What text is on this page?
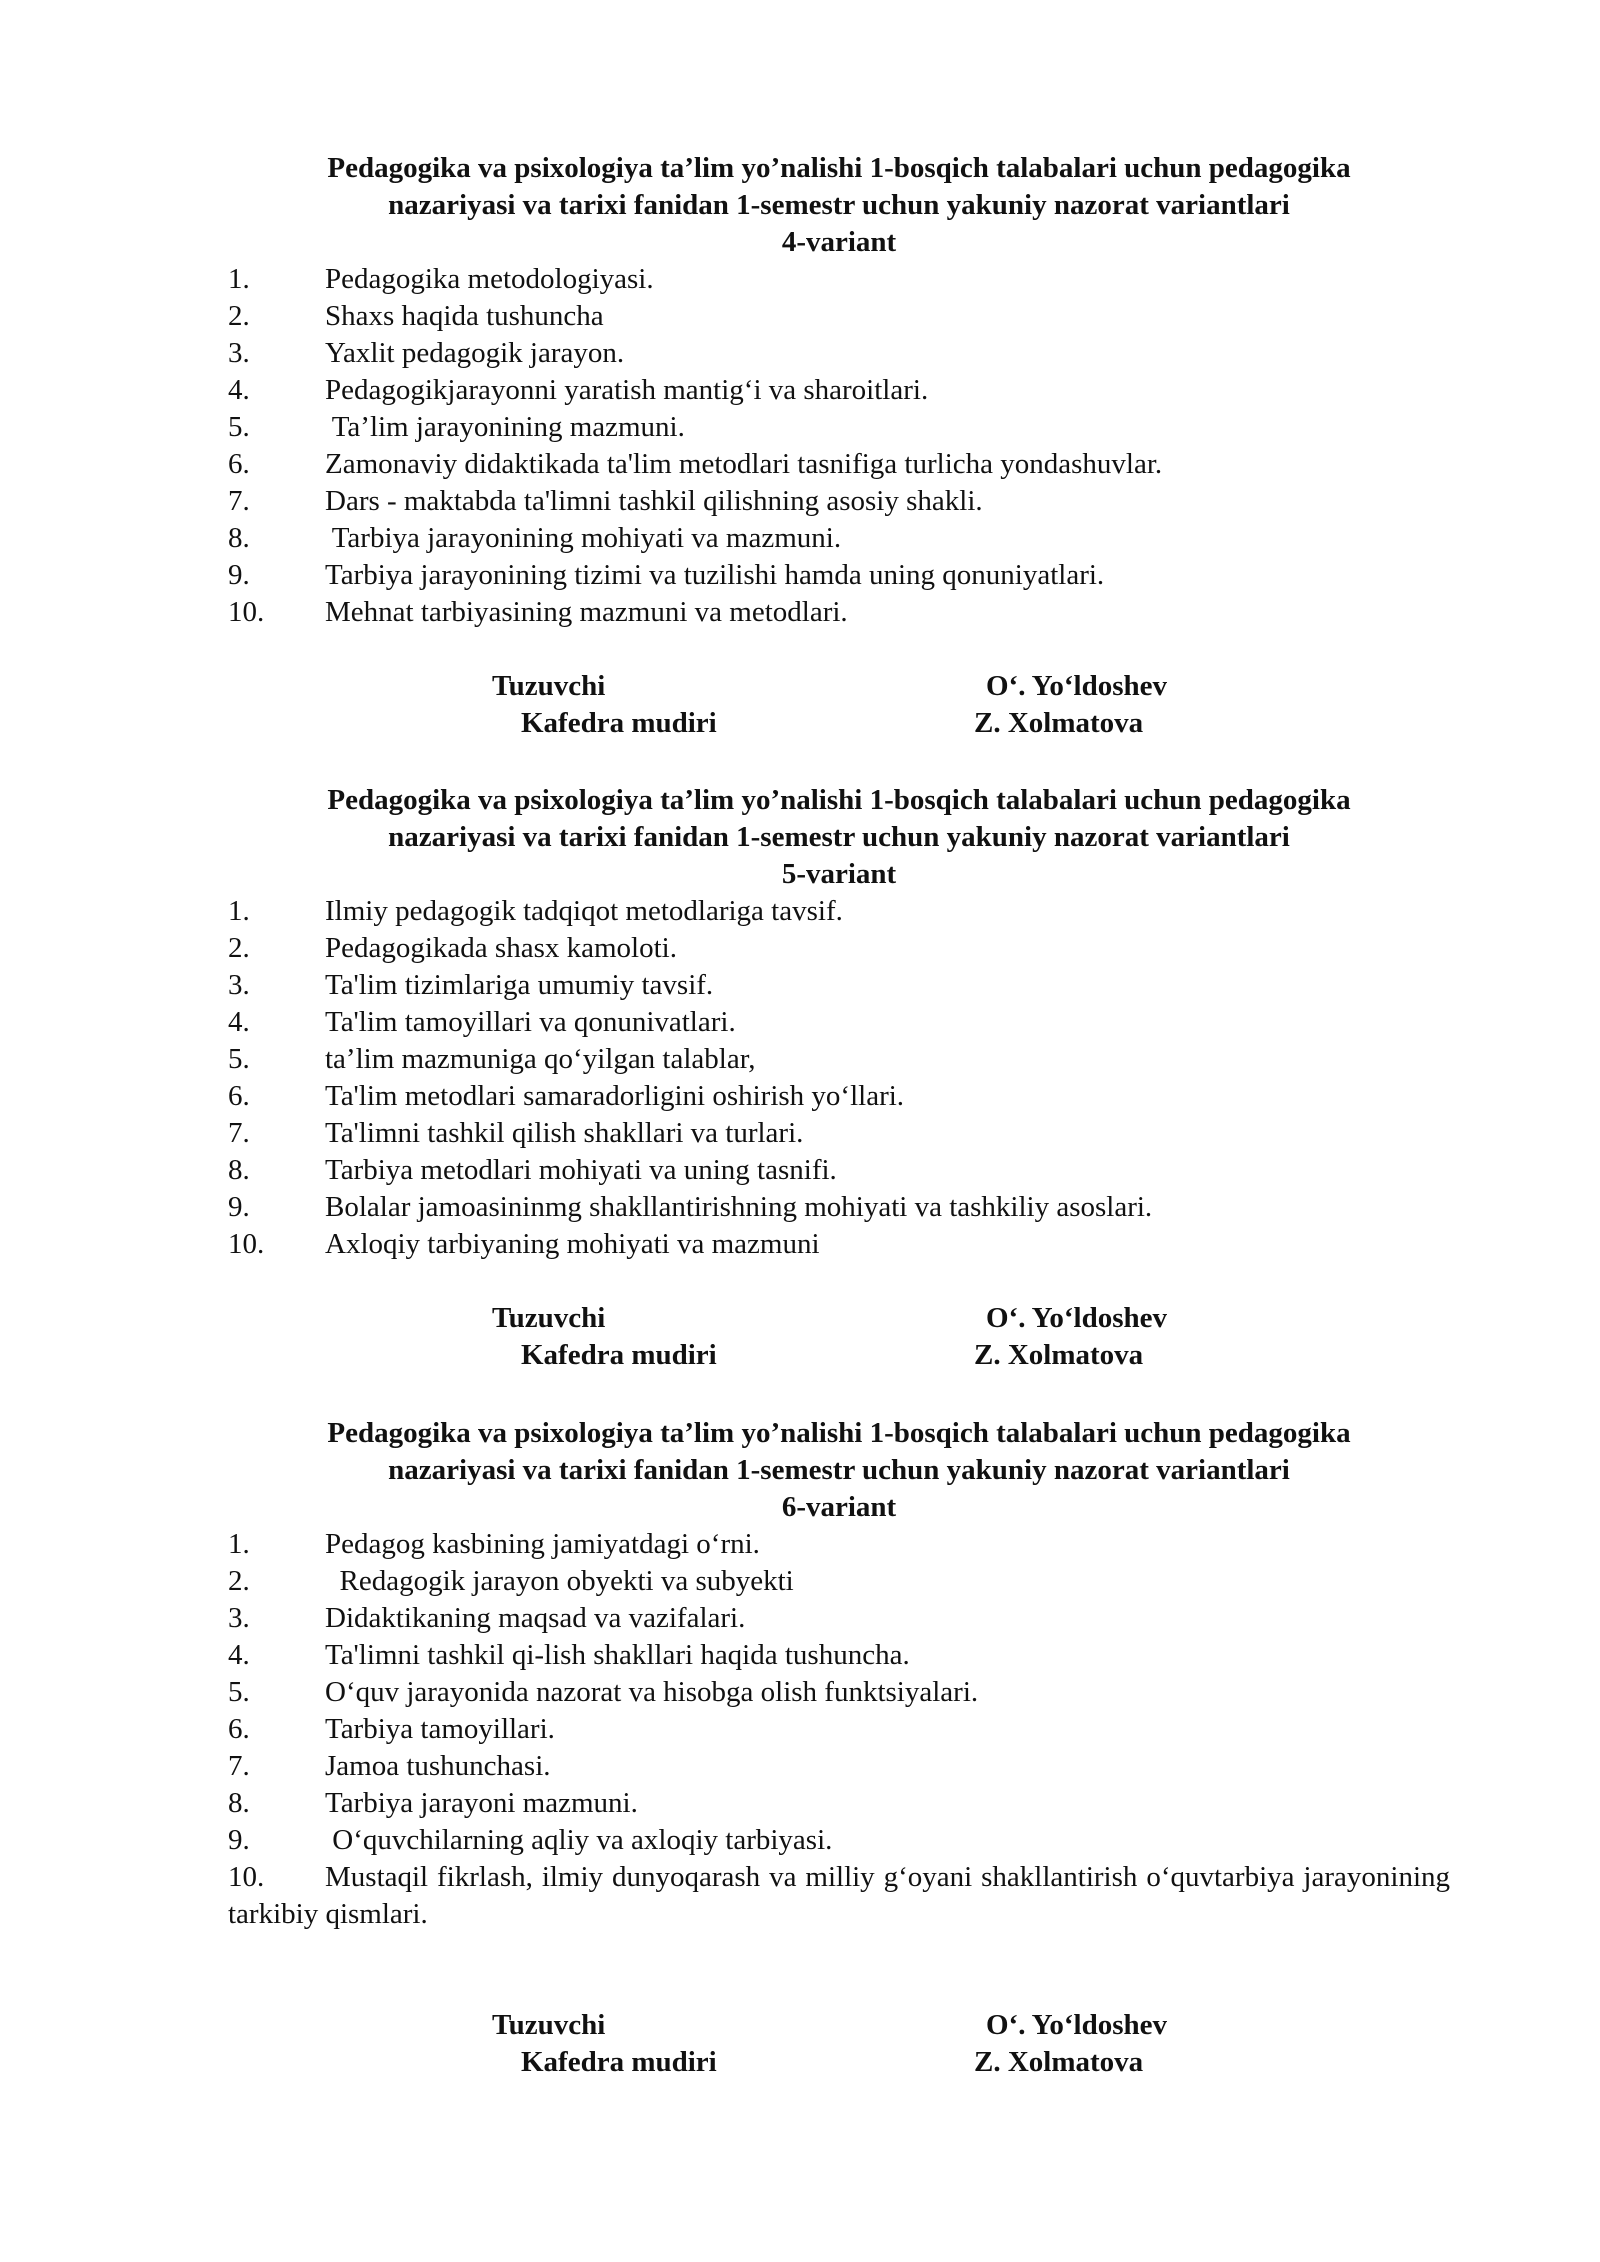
Pedagogika va psixologiya ta’lim yo’nalishi 1-bosqich talabalari uchun pedagogika

nazariyasi va tarixi fanidan 1-semestr uchun yakuniy nazorat variantlari

4-variant

1.	Pedagogika metodologiyasi.
2.	Shaxs haqida tushuncha
3.	Yaxlit pedagogik jarayon.
4.	Pedagogikjarayonni yaratish mantig‘i va sharoitlari.
5.	Ta’lim jarayonining mazmuni.
6.	Zamonaviy didaktikada ta'lim metodlari tasnifiga turlicha yondashuvlar.
7.	Dars - maktabda ta'limni tashkil qilishning asosiy shakli.
8.	Tarbiya jarayonining mohiyati va mazmuni.
9.	Tarbiya jarayonining tizimi va tuzilishi hamda uning qonuniyatlari.
10. Mehnat tarbiyasining mazmuni va metodlari.
Tuzuvchi	O‘. Yo‘ldoshev
Kafedra mudiri	Z. Xolmatova

Pedagogika va psixologiya ta’lim yo’nalishi 1-bosqich talabalari uchun pedagogika

nazariyasi va tarixi fanidan 1-semestr uchun yakuniy nazorat variantlari

5-variant

1.	Ilmiy pedagogik tadqiqot metodlariga tavsif.
2.	Pedagogikada shasx kamoloti.
3.	Ta'lim tizimlariga umumiy tavsif.
4.	Ta'lim tamoyillari va qonunivatlari.
5.	ta’lim mazmuniga qo‘yilgan talablar,
6.	Ta'lim metodlari samaradorligini oshirish yo‘llari.
7.	Ta'limni tashkil qilish shakllari va turlari.
8.	Tarbiya metodlari mohiyati va uning tasnifi.
9.	Bolalar jamoasininmg shakllantirishning mohiyati va tashkiliy asoslari.
10. Axloqiy tarbiyaning mohiyati va mazmuni
Tuzuvchi	O‘. Yo‘ldoshev
Kafedra mudiri	Z. Xolmatova

Pedagogika va psixologiya ta’lim yo’nalishi 1-bosqich talabalari uchun pedagogika

nazariyasi va tarixi fanidan 1-semestr uchun yakuniy nazorat variantlari

6-variant

1.	Pedagog kasbining jamiyatdagi o‘rni.
2.	Redagogik jarayon obyekti va subyekti
3.	Didaktikaning maqsad va vazifalari.
4.	Ta'limni tashkil qi-lish shakllari haqida tushuncha.
5.	O‘quv jarayonida nazorat va hisobga olish funktsiyalari.
6.	Tarbiya tamoyillari.
7.	Jamoa tushunchasi.
8.	Tarbiya jarayoni mazmuni.
9.	O‘quvchilarning aqliy va axloqiy tarbiyasi.
10. Mustaqil fikrlash, ilmiy dunyoqarash va milliy g‘oyani shakllantirish o‘quvtarbiya jarayonining tarkibiy qismlari.
Tuzuvchi	O‘. Yo‘ldoshev
Kafedra mudiri	Z. Xolmatova
